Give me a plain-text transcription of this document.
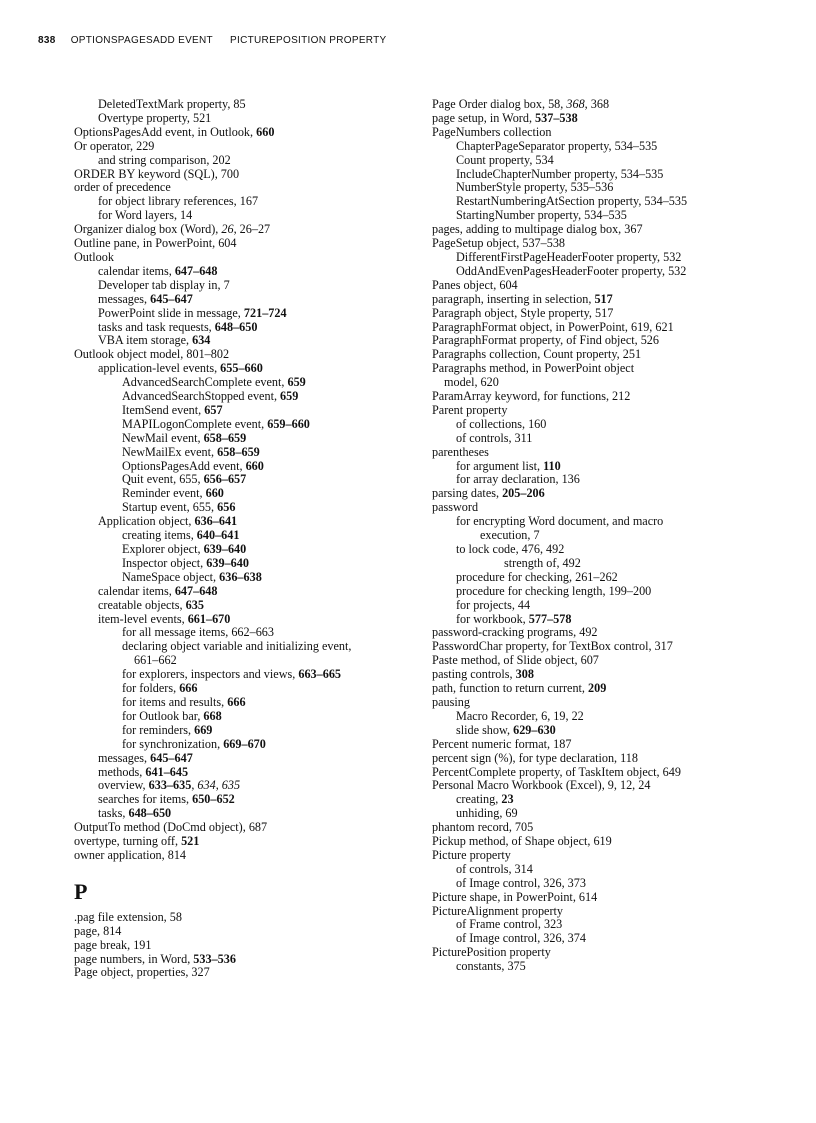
838 OPTIONSPAGESADD EVENT PICTUREPOSITION PROPERTY
DeletedTextMark property, 85
Overtype property, 521
OptionsPagesAdd event, in Outlook, 660
Or operator, 229
and string comparison, 202
ORDER BY keyword (SQL), 700
order of precedence
for object library references, 167
for Word layers, 14
Organizer dialog box (Word), 26, 26–27
Outline pane, in PowerPoint, 604
Outlook
calendar items, 647–648
Developer tab display in, 7
messages, 645–647
PowerPoint slide in message, 721–724
tasks and task requests, 648–650
VBA item storage, 634
Outlook object model, 801–802
application-level events, 655–660
AdvancedSearchComplete event, 659
AdvancedSearchStopped event, 659
ItemSend event, 657
MAPILogonComplete event, 659–660
NewMail event, 658–659
NewMailEx event, 658–659
OptionsPagesAdd event, 660
Quit event, 655, 656–657
Reminder event, 660
Startup event, 655, 656
Application object, 636–641
creating items, 640–641
Explorer object, 639–640
Inspector object, 639–640
NameSpace object, 636–638
calendar items, 647–648
creatable objects, 635
item-level events, 661–670
for all message items, 662–663
declaring object variable and initializing event,
661–662
for explorers, inspectors and views, 663–665
for folders, 666
for items and results, 666
for Outlook bar, 668
for reminders, 669
for synchronization, 669–670
messages, 645–647
methods, 641–645
overview, 633–635, 634, 635
searches for items, 650–652
tasks, 648–650
OutputTo method (DoCmd object), 687
overtype, turning off, 521
owner application, 814
P
.pag file extension, 58
page, 814
page break, 191
page numbers, in Word, 533–536
Page object, properties, 327
Page Order dialog box, 58, 368, 368
page setup, in Word, 537–538
PageNumbers collection
ChapterPageSeparator property, 534–535
Count property, 534
IncludeChapterNumber property, 534–535
NumberStyle property, 535–536
RestartNumberingAtSection property, 534–535
StartingNumber property, 534–535
pages, adding to multipage dialog box, 367
PageSetup object, 537–538
DifferentFirstPageHeaderFooter property, 532
OddAndEvenPagesHeaderFooter property, 532
Panes object, 604
paragraph, inserting in selection, 517
Paragraph object, Style property, 517
ParagraphFormat object, in PowerPoint, 619, 621
ParagraphFormat property, of Find object, 526
Paragraphs collection, Count property, 251
Paragraphs method, in PowerPoint object
model, 620
ParamArray keyword, for functions, 212
Parent property
of collections, 160
of controls, 311
parentheses
for argument list, 110
for array declaration, 136
parsing dates, 205–206
password
for encrypting Word document, and macro
execution, 7
to lock code, 476, 492
strength of, 492
procedure for checking, 261–262
procedure for checking length, 199–200
for projects, 44
for workbook, 577–578
password-cracking programs, 492
PasswordChar property, for TextBox control, 317
Paste method, of Slide object, 607
pasting controls, 308
path, function to return current, 209
pausing
Macro Recorder, 6, 19, 22
slide show, 629–630
Percent numeric format, 187
percent sign (%), for type declaration, 118
PercentComplete property, of TaskItem object, 649
Personal Macro Workbook (Excel), 9, 12, 24
creating, 23
unhiding, 69
phantom record, 705
Pickup method, of Shape object, 619
Picture property
of controls, 314
of Image control, 326, 373
Picture shape, in PowerPoint, 614
PictureAlignment property
of Frame control, 323
of Image control, 326, 374
PicturePosition property
constants, 375
